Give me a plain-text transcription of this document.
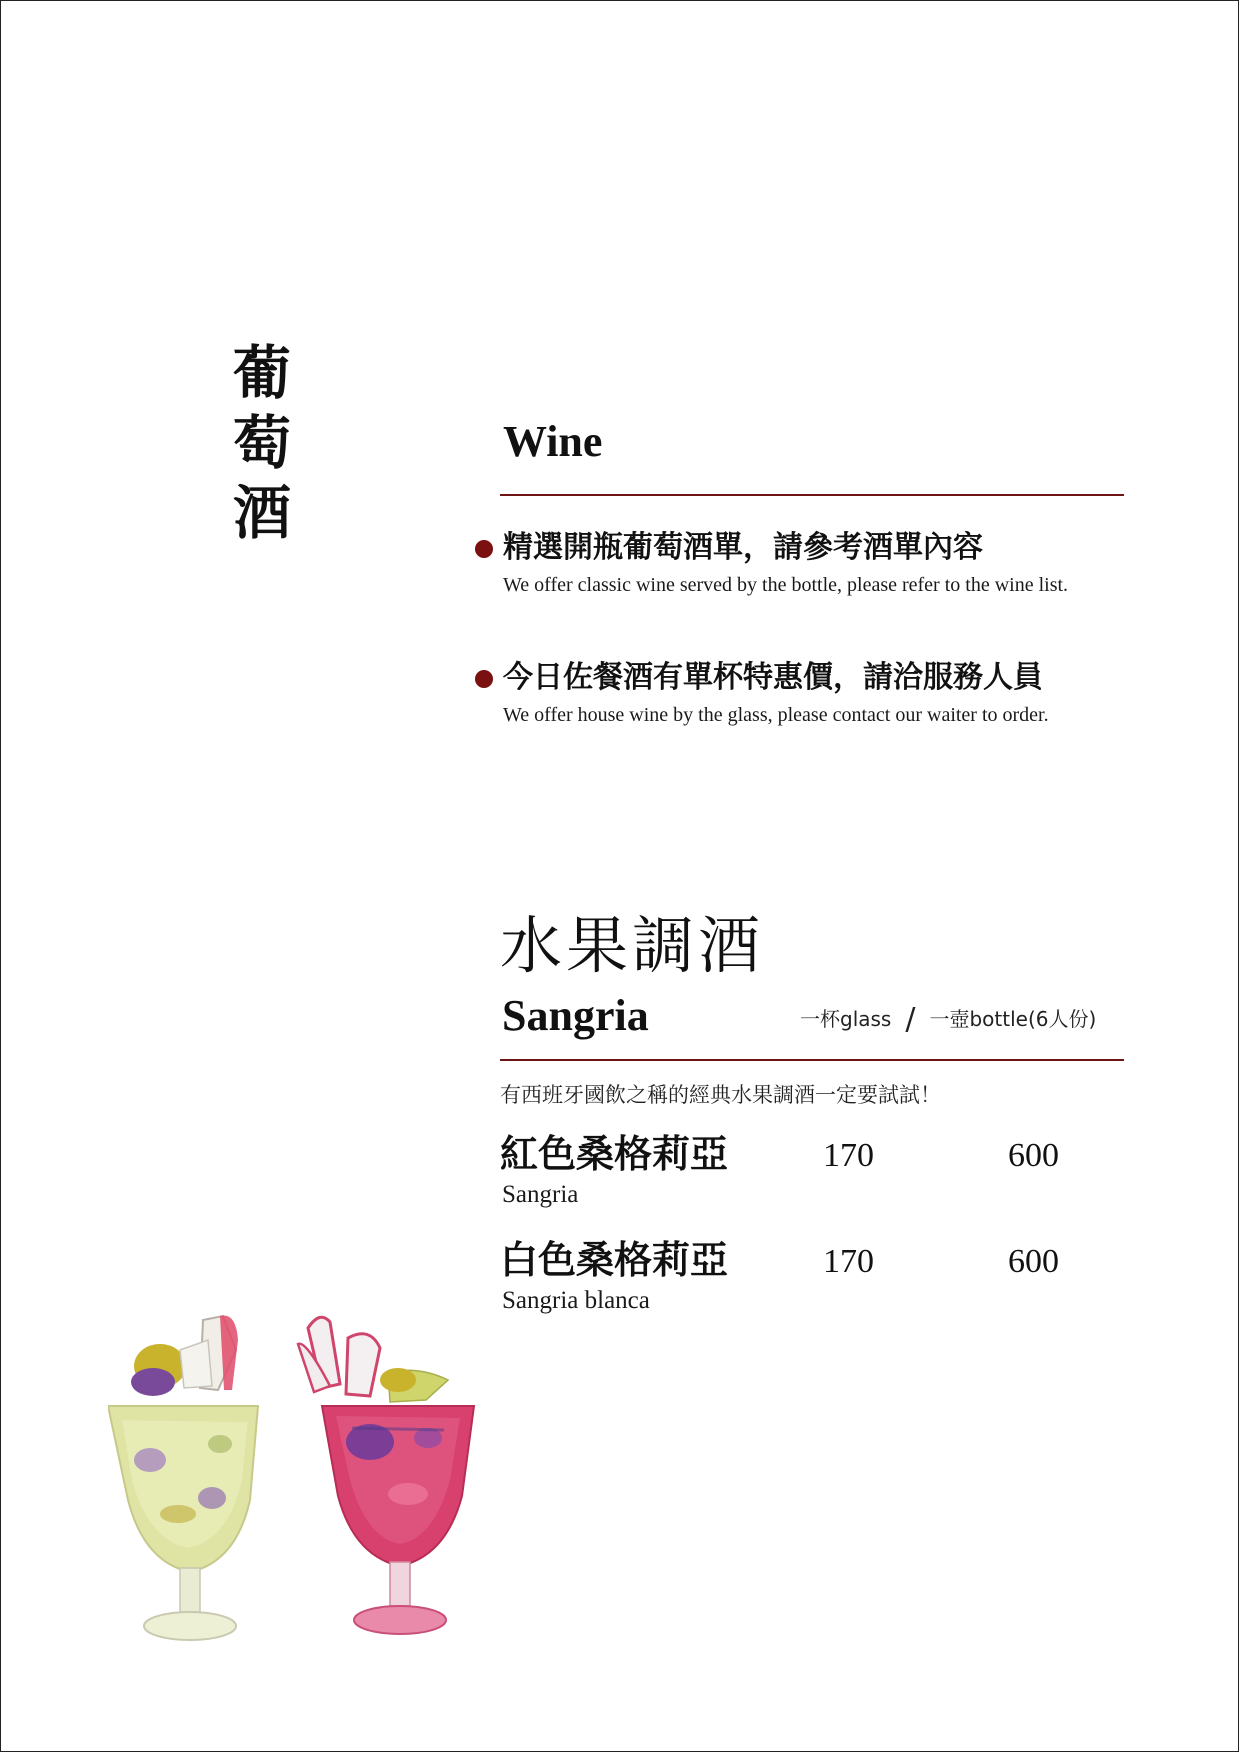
葡
萄
酒
Wine
精選開瓶葡萄酒單，請參考酒單內容
We offer classic wine served by the bottle, please refer to the wine list.
今日佐餐酒有單杯特惠價，請洽服務人員
We offer house wine by the glass, please contact our waiter to order.
水果調酒
Sangria	一杯glass / 一壺bottle(6人份)
有西班牙國飲之稱的經典水果調酒一定要試試！
紅色桑格莉亞
Sangria
170	600
白色桑格莉亞
Sangria blanca
170	600
